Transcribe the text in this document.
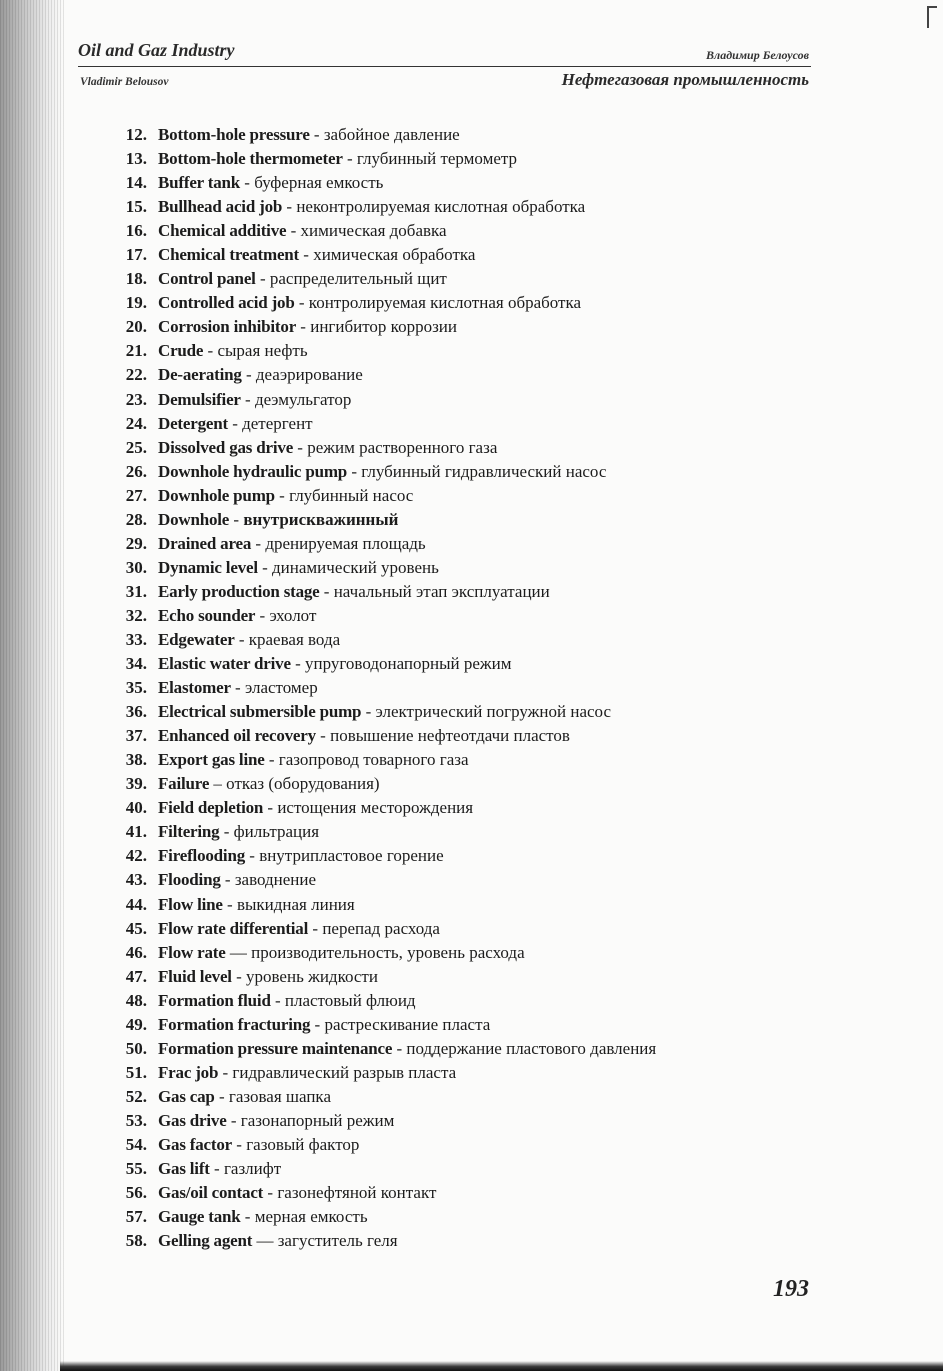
Oil and Gaz Industry	Владимир Белоусов
Vladimir Belousov	Нефтегазовая промышленность
12. Bottom-hole pressure - забойное давление
13. Bottom-hole thermometer - глубинный термометр
14. Buffer tank - буферная емкость
15. Bullhead acid job - неконтролируемая кислотная обработка
16. Chemical additive - химическая добавка
17. Chemical treatment - химическая обработка
18. Control panel - распределительный щит
19. Controlled acid job - контролируемая кислотная обработка
20. Corrosion inhibitor - ингибитор коррозии
21. Crude - сырая нефть
22. De-aerating - деаэрирование
23. Demulsifier - деэмульгатор
24. Detergent - детергент
25. Dissolved gas drive - режим растворенного газа
26. Downhole hydraulic pump - глубинный гидравлический насос
27. Downhole pump - глубинный насос
28. Downhole - внутрискважинный
29. Drained area - дренируемая площадь
30. Dynamic level - динамический уровень
31. Early production stage - начальный этап эксплуатации
32. Echo sounder - эхолот
33. Edgewater - краевая вода
34. Elastic water drive - упруговодонапорный режим
35. Elastomer - эластомер
36. Electrical submersible pump - электрический погружной насос
37. Enhanced oil recovery - повышение нефтеотдачи пластов
38. Export gas line - газопровод товарного газа
39. Failure – отказ (оборудования)
40. Field depletion - истощения месторождения
41. Filtering - фильтрация
42. Fireflooding - внутрипластовое горение
43. Flooding - заводнение
44. Flow line - выкидная линия
45. Flow rate differential - перепад расхода
46. Flow rate — производительность, уровень расхода
47. Fluid level - уровень жидкости
48. Formation fluid - пластовый флюид
49. Formation fracturing - растрескивание пласта
50. Formation pressure maintenance - поддержание пластового давления
51. Frac job - гидравлический разрыв пласта
52. Gas cap - газовая шапка
53. Gas drive - газонапорный режим
54. Gas factor - газовый фактор
55. Gas lift - газлифт
56. Gas/oil contact - газонефтяной контакт
57. Gauge tank - мерная емкость
58. Gelling agent — загуститель геля
193
